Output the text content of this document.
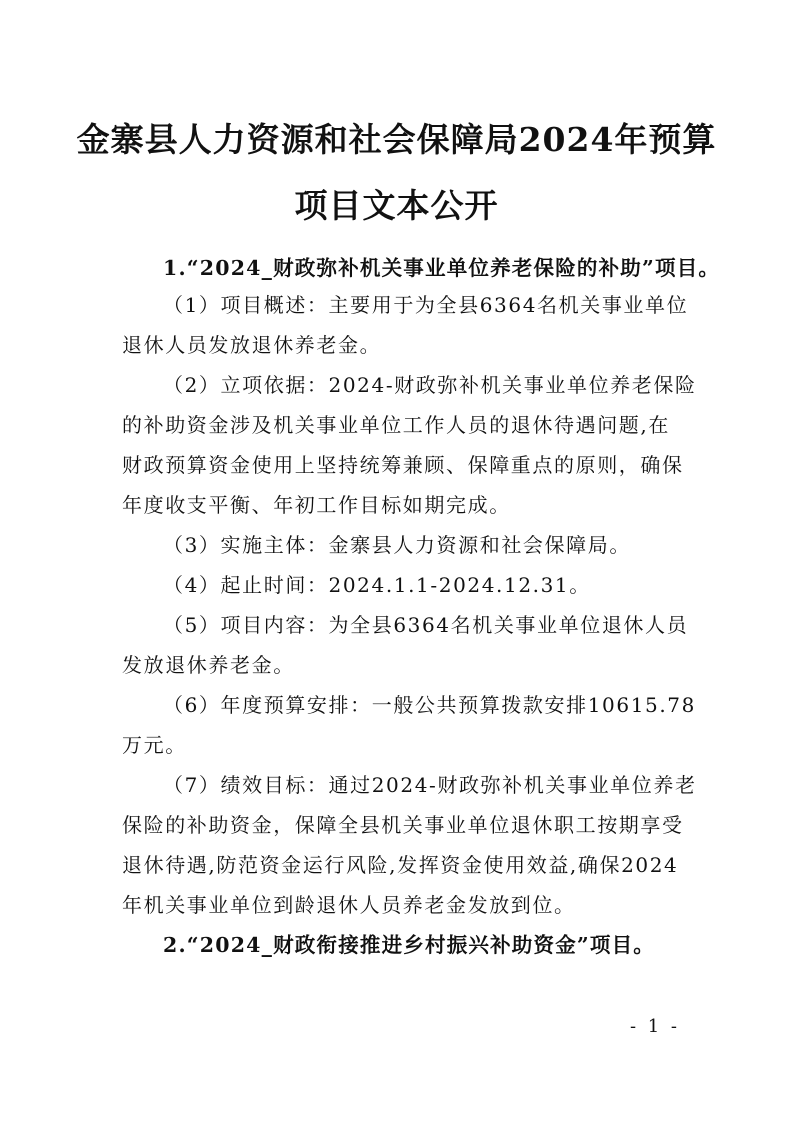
金寨县人力资源和社会保障局2024年预算
项目文本公开
1.“2024_财政弥补机关事业单位养老保险的补助”项目。
（1）项目概述：主要用于为全县6364名机关事业单位
退休人员发放退休养老金。
（2）立项依据：2024-财政弥补机关事业单位养老保险
的补助资金涉及机关事业单位工作人员的退休待遇问题,在
财政预算资金使用上坚持统筹兼顾、保障重点的原则，确保
年度收支平衡、年初工作目标如期完成。
（3）实施主体：金寨县人力资源和社会保障局。
（4）起止时间：2024.1.1-2024.12.31。
（5）项目内容：为全县6364名机关事业单位退休人员
发放退休养老金。
（6）年度预算安排：一般公共预算拨款安排10615.78
万元。
（7）绩效目标：通过2024-财政弥补机关事业单位养老
保险的补助资金，保障全县机关事业单位退休职工按期享受
退休待遇,防范资金运行风险,发挥资金使用效益,确保2024
年机关事业单位到龄退休人员养老金发放到位。
2.“2024_财政衔接推进乡村振兴补助资金”项目。
- 1 -
